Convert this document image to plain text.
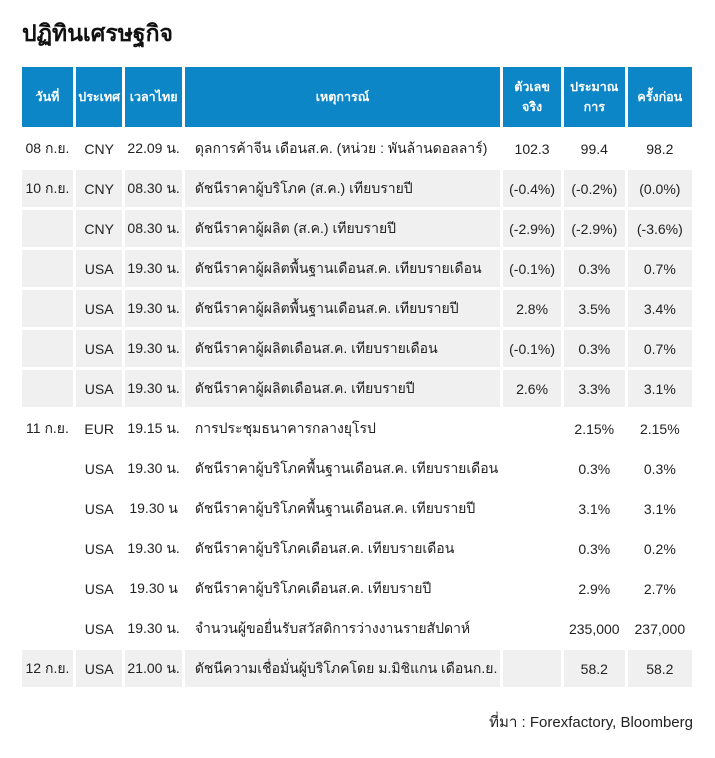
ปฏิทินเศรษฐกิจ
วันที่	ประเทศ	เวลาไทย	เหตุการณ์	ตัวเลขจริง	ประมาณการ	ครั้งก่อน
08 ก.ย.	CNY	22.09 น.	ดุลการค้าจีน เดือนส.ค. (หน่วย : พันล้านดอลลาร์)	102.3	99.4	98.2
10 ก.ย.	CNY	08.30 น.	ดัชนีราคาผู้บริโภค (ส.ค.) เทียบรายปี	(-0.4%)	(-0.2%)	(0.0%)
	CNY	08.30 น.	ดัชนีราคาผู้ผลิต (ส.ค.) เทียบรายปี	(-2.9%)	(-2.9%)	(-3.6%)
	USA	19.30 น.	ดัชนีราคาผู้ผลิตพื้นฐานเดือนส.ค. เทียบรายเดือน	(-0.1%)	0.3%	0.7%
	USA	19.30 น.	ดัชนีราคาผู้ผลิตพื้นฐานเดือนส.ค. เทียบรายปี	2.8%	3.5%	3.4%
	USA	19.30 น.	ดัชนีราคาผู้ผลิตเดือนส.ค. เทียบรายเดือน	(-0.1%)	0.3%	0.7%
	USA	19.30 น.	ดัชนีราคาผู้ผลิตเดือนส.ค. เทียบรายปี	2.6%	3.3%	3.1%
11 ก.ย.	EUR	19.15 น.	การประชุมธนาคารกลางยุโรป		2.15%	2.15%
	USA	19.30 น.	ดัชนีราคาผู้บริโภคพื้นฐานเดือนส.ค. เทียบรายเดือน		0.3%	0.3%
	USA	19.30 น	ดัชนีราคาผู้บริโภคพื้นฐานเดือนส.ค. เทียบรายปี		3.1%	3.1%
	USA	19.30 น.	ดัชนีราคาผู้บริโภคเดือนส.ค. เทียบรายเดือน		0.3%	0.2%
	USA	19.30 น	ดัชนีราคาผู้บริโภคเดือนส.ค. เทียบรายปี		2.9%	2.7%
	USA	19.30 น.	จำนวนผู้ขอยื่นรับสวัสดิการว่างงานรายสัปดาห์		235,000	237,000
12 ก.ย.	USA	21.00 น.	ดัชนีความเชื่อมั่นผู้บริโภคโดย ม.มิชิแกน เดือนก.ย.		58.2	58.2
ที่มา : Forexfactory, Bloomberg
